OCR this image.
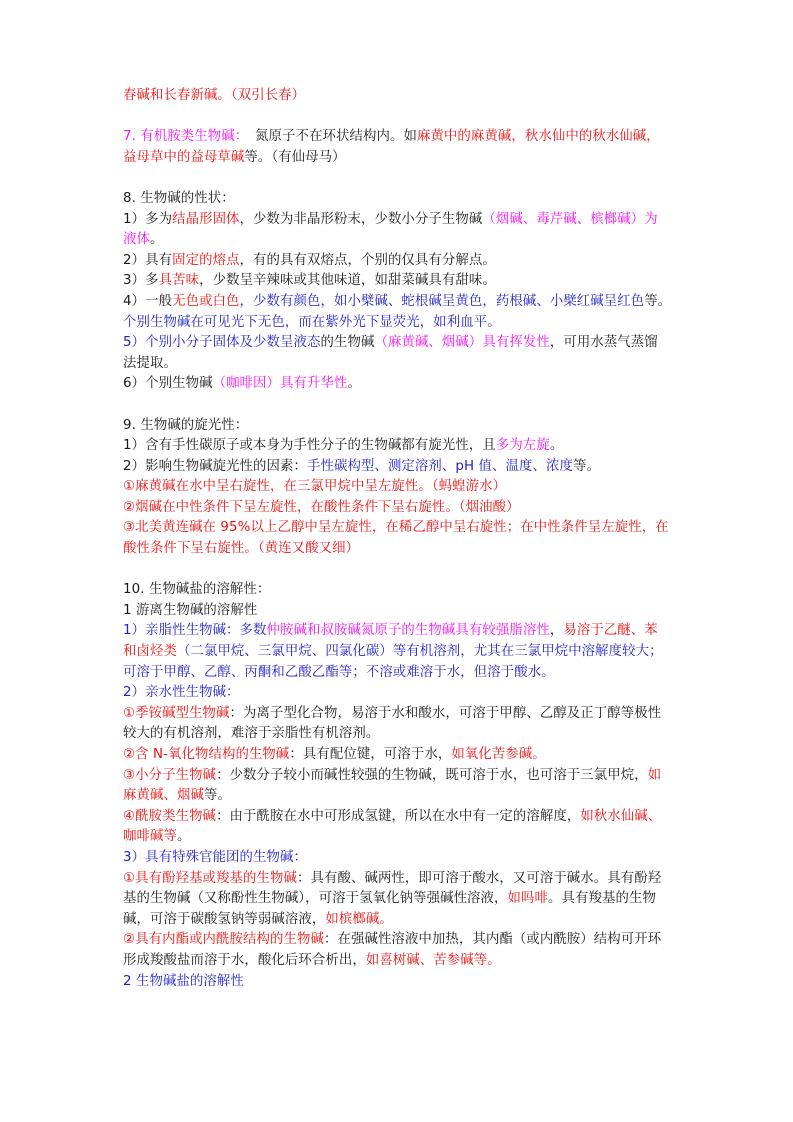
春碱和长春新碱。（双引长春）
7. 有机胺类生物碱：　氮原子不在环状结构内。如麻黄中的麻黄碱，秋水仙中的秋水仙碱，
益母草中的益母草碱等。（有仙母马）
8. 生物碱的性状：
1）多为结晶形固体，少数为非晶形粉末，少数小分子生物碱（烟碱、毒芹碱、槟榔碱）为
液体。
2）具有固定的熔点，有的具有双熔点，个别的仅具有分解点。
3）多具苦味，少数呈辛辣味或其他味道，如甜菜碱具有甜味。
4）一般无色或白色，少数有颜色，如小檗碱、蛇根碱呈黄色，药根碱、小檗红碱呈红色等。
个别生物碱在可见光下无色，而在紫外光下显荧光，如利血平。
5）个别小分子固体及少数呈液态的生物碱（麻黄碱、烟碱）具有挥发性，可用水蒸气蒸馏
法提取。
6）个别生物碱（咖啡因）具有升华性。
9. 生物碱的旋光性：
1）含有手性碳原子或本身为手性分子的生物碱都有旋光性，且多为左旋。
2）影响生物碱旋光性的因素：手性碳构型、测定溶剂、pH 值、温度、浓度等。
①麻黄碱在水中呈右旋性，在三氯甲烷中呈左旋性。（蚂蝗游水）
②烟碱在中性条件下呈左旋性，在酸性条件下呈右旋性。（烟油酸）
③北美黄连碱在 95%以上乙醇中呈左旋性，在稀乙醇中呈右旋性；在中性条件呈左旋性，在
酸性条件下呈右旋性。（黄连又酸又细）
10. 生物碱盐的溶解性：
1 游离生物碱的溶解性
1）亲脂性生物碱：多数仲胺碱和叔胺碱氮原子的生物碱具有较强脂溶性，易溶于乙醚、苯
和卤烃类（二氯甲烷、三氯甲烷、四氯化碳）等有机溶剂，尤其在三氯甲烷中溶解度较大；
可溶于甲醇、乙醇、丙酮和乙酸乙酯等；不溶或难溶于水，但溶于酸水。
2）亲水性生物碱：
①季铵碱型生物碱：为离子型化合物，易溶于水和酸水，可溶于甲醇、乙醇及正丁醇等极性
较大的有机溶剂，难溶于亲脂性有机溶剂。
②含 N-氧化物结构的生物碱：具有配位键，可溶于水，如氧化苦参碱。
③小分子生物碱：少数分子较小而碱性较强的生物碱，既可溶于水，也可溶于三氯甲烷，如
麻黄碱、烟碱等。
④酰胺类生物碱：由于酰胺在水中可形成氢键，所以在水中有一定的溶解度，如秋水仙碱、
咖啡碱等。
3）具有特殊官能团的生物碱：
①具有酚羟基或羧基的生物碱：具有酸、碱两性，即可溶于酸水，又可溶于碱水。具有酚羟
基的生物碱（又称酚性生物碱），可溶于氢氧化钠等强碱性溶液，如吗啡。具有羧基的生物
碱，可溶于碳酸氢钠等弱碱溶液，如槟榔碱。
②具有内酯或内酰胺结构的生物碱：在强碱性溶液中加热，其内酯（或内酰胺）结构可开环
形成羧酸盐而溶于水，酸化后环合析出，如喜树碱、苦参碱等。
2 生物碱盐的溶解性
